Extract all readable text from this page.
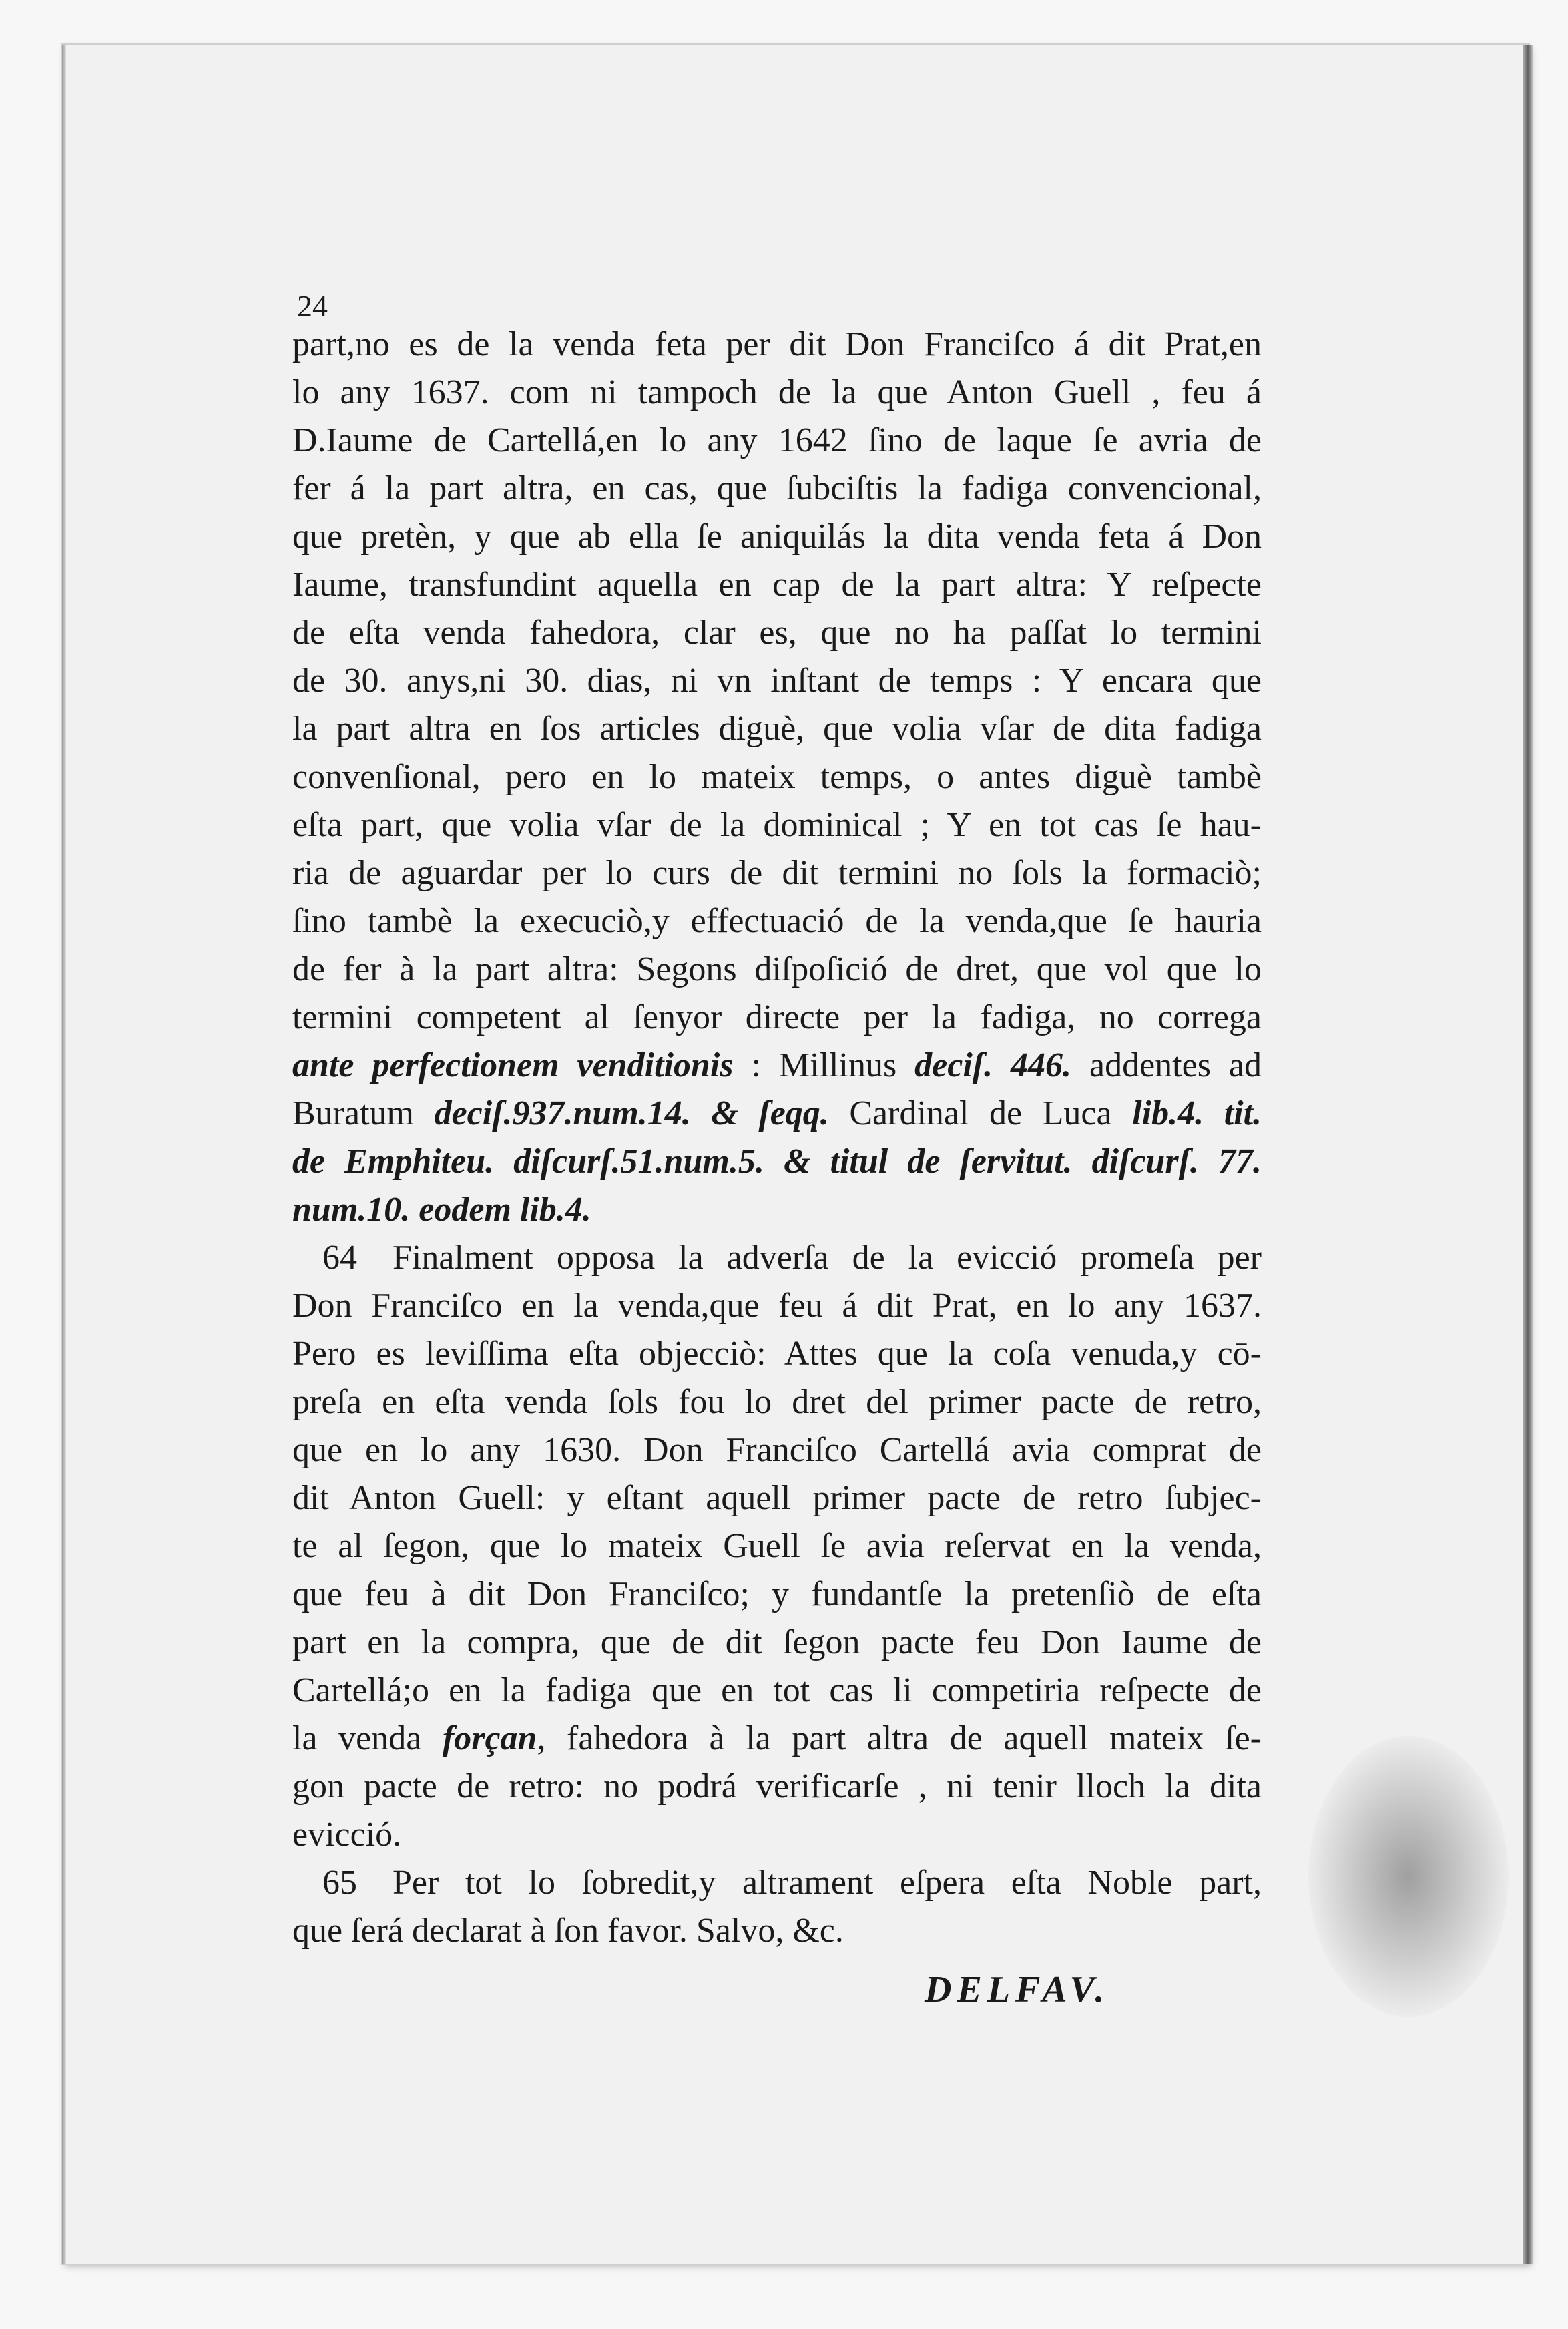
24
part,no es de la venda feta per dit Don Franciſco á dit Prat,en
lo any 1637. com ni tampoch de la que Anton Guell , feu á
D.Iaume de Cartellá,en lo any 1642 ſino de laque ſe avria de
fer á la part altra, en cas, que ſubciſtis la fadiga convencional,
que pretèn, y que ab ella ſe aniquilás la dita venda feta á Don
Iaume, transfundint aquella en cap de la part altra: Y reſpecte
de eſta venda fahedora, clar es, que no ha paſſat lo termini
de 30. anys,ni 30. dias, ni vn inſtant de temps : Y encara que
la part altra en ſos articles diguè, que volia vſar de dita fadiga
convenſional, pero en lo mateix temps, o antes diguè tambè
eſta part, que volia vſar de la dominical ; Y en tot cas ſe hau-
ria de aguardar per lo curs de dit termini no ſols la formaciò;
ſino tambè la execuciò,y effectuació de la venda,que ſe hauria
de fer à la part altra: Segons diſpoſició de dret, que vol que lo
termini competent al ſenyor directe per la fadiga, no correga
ante perfectionem venditionis : Millinus deciſ. 446. addentes ad
Buratum deciſ.937.num.14. & ſeqq. Cardinal de Luca lib.4. tit.
de Emphiteu. diſcurſ.51.num.5. & titul de ſervitut. diſcurſ. 77.
num.10. eodem lib.4.
64 Finalment opposa la adverſa de la evicció promeſa per
Don Franciſco en la venda,que feu á dit Prat, en lo any 1637.
Pero es leviſſima eſta objecciò: Attes que la coſa venuda,y cō-
preſa en eſta venda ſols fou lo dret del primer pacte de retro,
que en lo any 1630. Don Franciſco Cartellá avia comprat de
dit Anton Guell: y eſtant aquell primer pacte de retro ſubjec-
te al ſegon, que lo mateix Guell ſe avia reſervat en la venda,
que feu à dit Don Franciſco; y fundantſe la pretenſiò de eſta
part en la compra, que de dit ſegon pacte feu Don Iaume de
Cartellá;o en la fadiga que en tot cas li competiria reſpecte de
la venda forçan, fahedora à la part altra de aquell mateix ſe-
gon pacte de retro: no podrá verificarſe , ni tenir lloch la dita
evicció.
65 Per tot lo ſobredit,y altrament eſpera eſta Noble part,
que ſerá declarat à ſon favor. Salvo, &c.
DELFAV.
